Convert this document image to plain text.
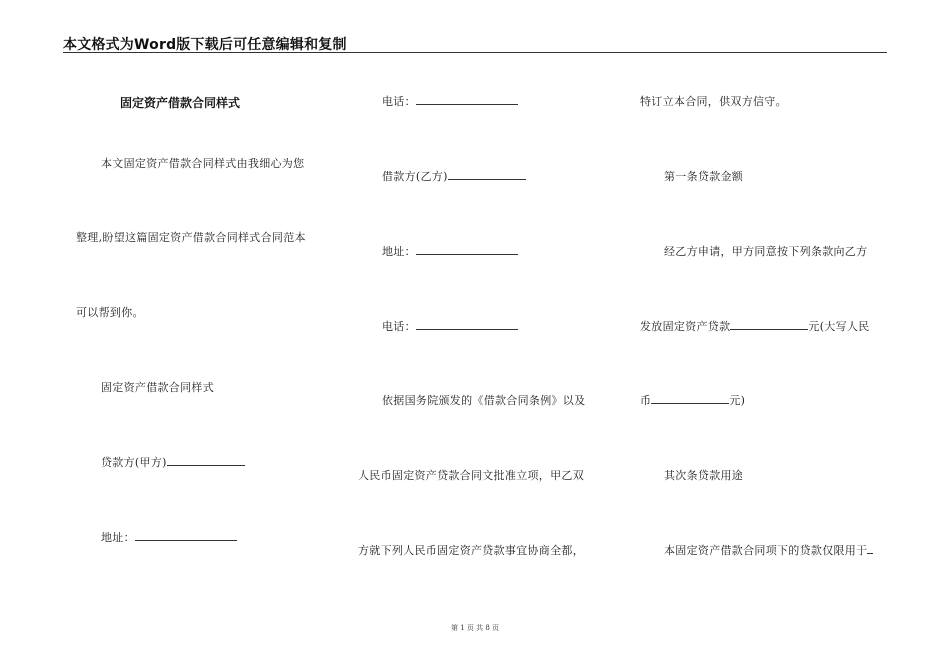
本文格式为Word版下载后可任意编辑和复制
固定资产借款合同样式
本文固定资产借款合同样式由我细心为您
整理,盼望这篇固定资产借款合同样式合同范本
可以帮到你。
固定资产借款合同样式
贷款方(甲方)
地址：
电话：
借款方(乙方)
地址：
电话：
依据国务院颁发的《借款合同条例》以及
人民币固定资产贷款合同文批准立项，甲乙双
方就下列人民币固定资产贷款事宜协商全都，
特订立本合同，供双方信守。
第一条贷款金额
经乙方申请，甲方同意按下列条款向乙方
发放固定资产贷款	元(大写人民
币	元)
其次条贷款用途
本固定资产借款合同项下的贷款仅限用于
第 1 页 共 8 页
